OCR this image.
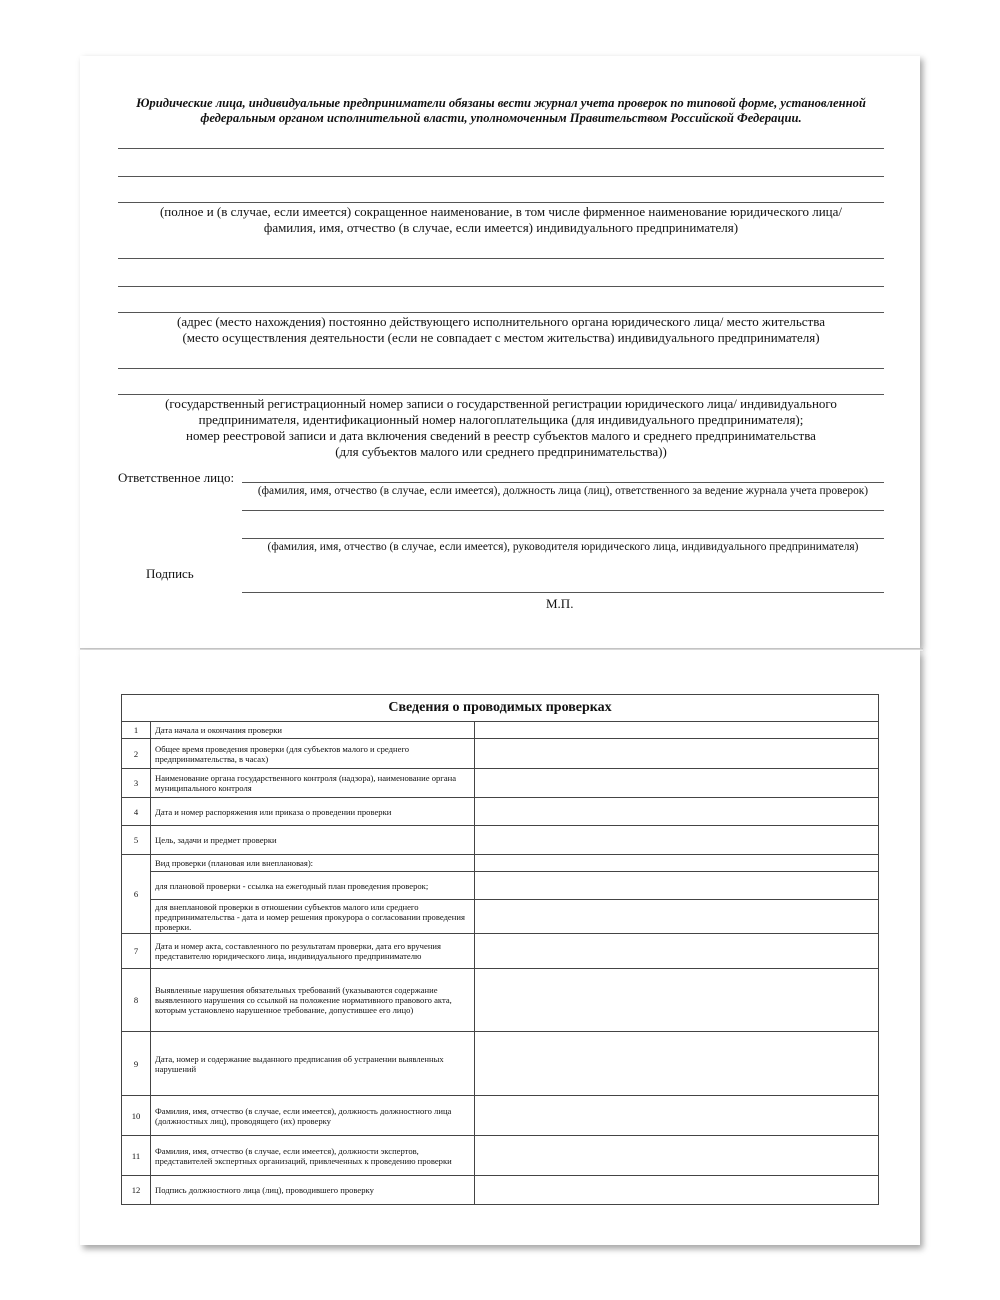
Юридические лица, индивидуальные предприниматели обязаны вести журнал учета проверок по типовой форме, установленной федеральным органом исполнительной власти, уполномоченным Правительством Российской Федерации.
(полное и (в случае, если имеется) сокращенное наименование, в том числе фирменное наименование юридического лица/
фамилия, имя, отчество (в случае, если имеется) индивидуального предпринимателя)
(адрес (место нахождения) постоянно действующего исполнительного органа юридического лица/ место жительства
(место осуществления деятельности (если не совпадает с местом жительства) индивидуального предпринимателя)
(государственный регистрационный номер записи о государственной регистрации юридического лица/ индивидуального
предпринимателя, идентификационный номер налогоплательщика (для индивидуального предпринимателя);
номер реестровой записи и дата включения сведений в реестр субъектов малого и среднего предпринимательства
(для субъектов малого или среднего предпринимательства))
Ответственное лицо:
(фамилия, имя, отчество (в случае, если имеется), должность лица (лиц), ответственного за ведение журнала учета проверок)
(фамилия, имя, отчество (в случае, если имеется), руководителя юридического лица, индивидуального предпринимателя)
Подпись
М.П.
Сведения о проводимых проверках		
1	Дата начала и окончания проверки	
2	Общее время проведения проверки (для субъектов малого и среднего предпринимательства, в часах)	
3	Наименование органа государственного контроля (надзора), наименование органа муниципального контроля	
4	Дата и номер распоряжения или приказа о проведении проверки	
5	Цель, задачи и предмет проверки	
6	Вид проверки (плановая или внеплановая):	
	для плановой проверки - ссылка на ежегодный план проведения проверок;	
	для внеплановой проверки в отношении субъектов малого или среднего предпринимательства - дата и номер решения прокурора о согласовании проведения проверки.	
7	Дата и номер акта, составленного по результатам проверки, дата его вручения представителю юридического лица, индивидуального предпринимателю	
8	Выявленные нарушения обязательных требований (указываются содержание выявленного нарушения со ссылкой на положение нормативного правового акта, которым установлено нарушенное требование, допустившее его лицо)	
9	Дата, номер и содержание выданного предписания об устранении выявленных нарушений	
10	Фамилия, имя, отчество (в случае, если имеется), должность должностного лица (должностных лиц), проводящего (их) проверку	
11	Фамилия, имя, отчество (в случае, если имеется), должности экспертов, представителей экспертных организаций, привлеченных к проведению проверки	
12	Подпись должностного лица (лиц), проводившего проверку	
